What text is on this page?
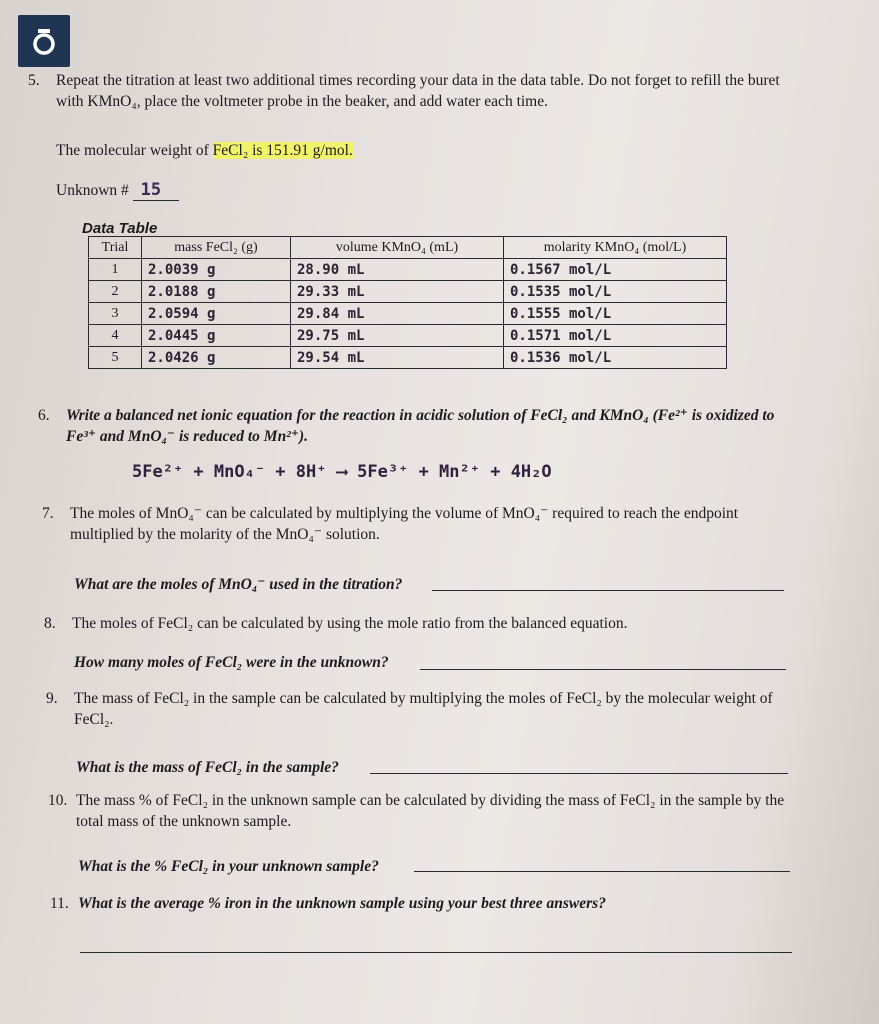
5. Repeat the titration at least two additional times recording your data in the data table. Do not forget to refill the buret with KMnO₄, place the voltmeter probe in the beaker, and add water each time.
The molecular weight of FeCl₂ is 151.91 g/mol.
Unknown # 15
Data Table
Trial	mass FeCl₂ (g)	volume KMnO₄ (mL)	molarity KMnO₄ (mol/L)
1	2.0039 g	28.90 mL	0.1567 mol/L
2	2.0188 g	29.33 mL	0.1535 mol/L
3	2.0594 g	29.84 mL	0.1555 mol/L
4	2.0445 g	29.75 mL	0.1571 mol/L
5	2.0426 g	29.54 mL	0.1536 mol/L
6. Write a balanced net ionic equation for the reaction in acidic solution of FeCl₂ and KMnO₄ (Fe²⁺ is oxidized to Fe³⁺ and MnO₄⁻ is reduced to Mn²⁺).
5Fe²⁺ + MnO₄⁻ + 8H⁺ ⟶ 5Fe³⁺ + Mn²⁺ + 4H₂O
7. The moles of MnO₄⁻ can be calculated by multiplying the volume of MnO₄⁻ required to reach the endpoint multiplied by the molarity of the MnO₄⁻ solution.
What are the moles of MnO₄⁻ used in the titration?
8. The moles of FeCl₂ can be calculated by using the mole ratio from the balanced equation.
How many moles of FeCl₂ were in the unknown?
9. The mass of FeCl₂ in the sample can be calculated by multiplying the moles of FeCl₂ by the molecular weight of FeCl₂.
What is the mass of FeCl₂ in the sample?
10. The mass % of FeCl₂ in the unknown sample can be calculated by dividing the mass of FeCl₂ in the sample by the total mass of the unknown sample.
What is the % FeCl₂ in your unknown sample?
11. What is the average % iron in the unknown sample using your best three answers?
